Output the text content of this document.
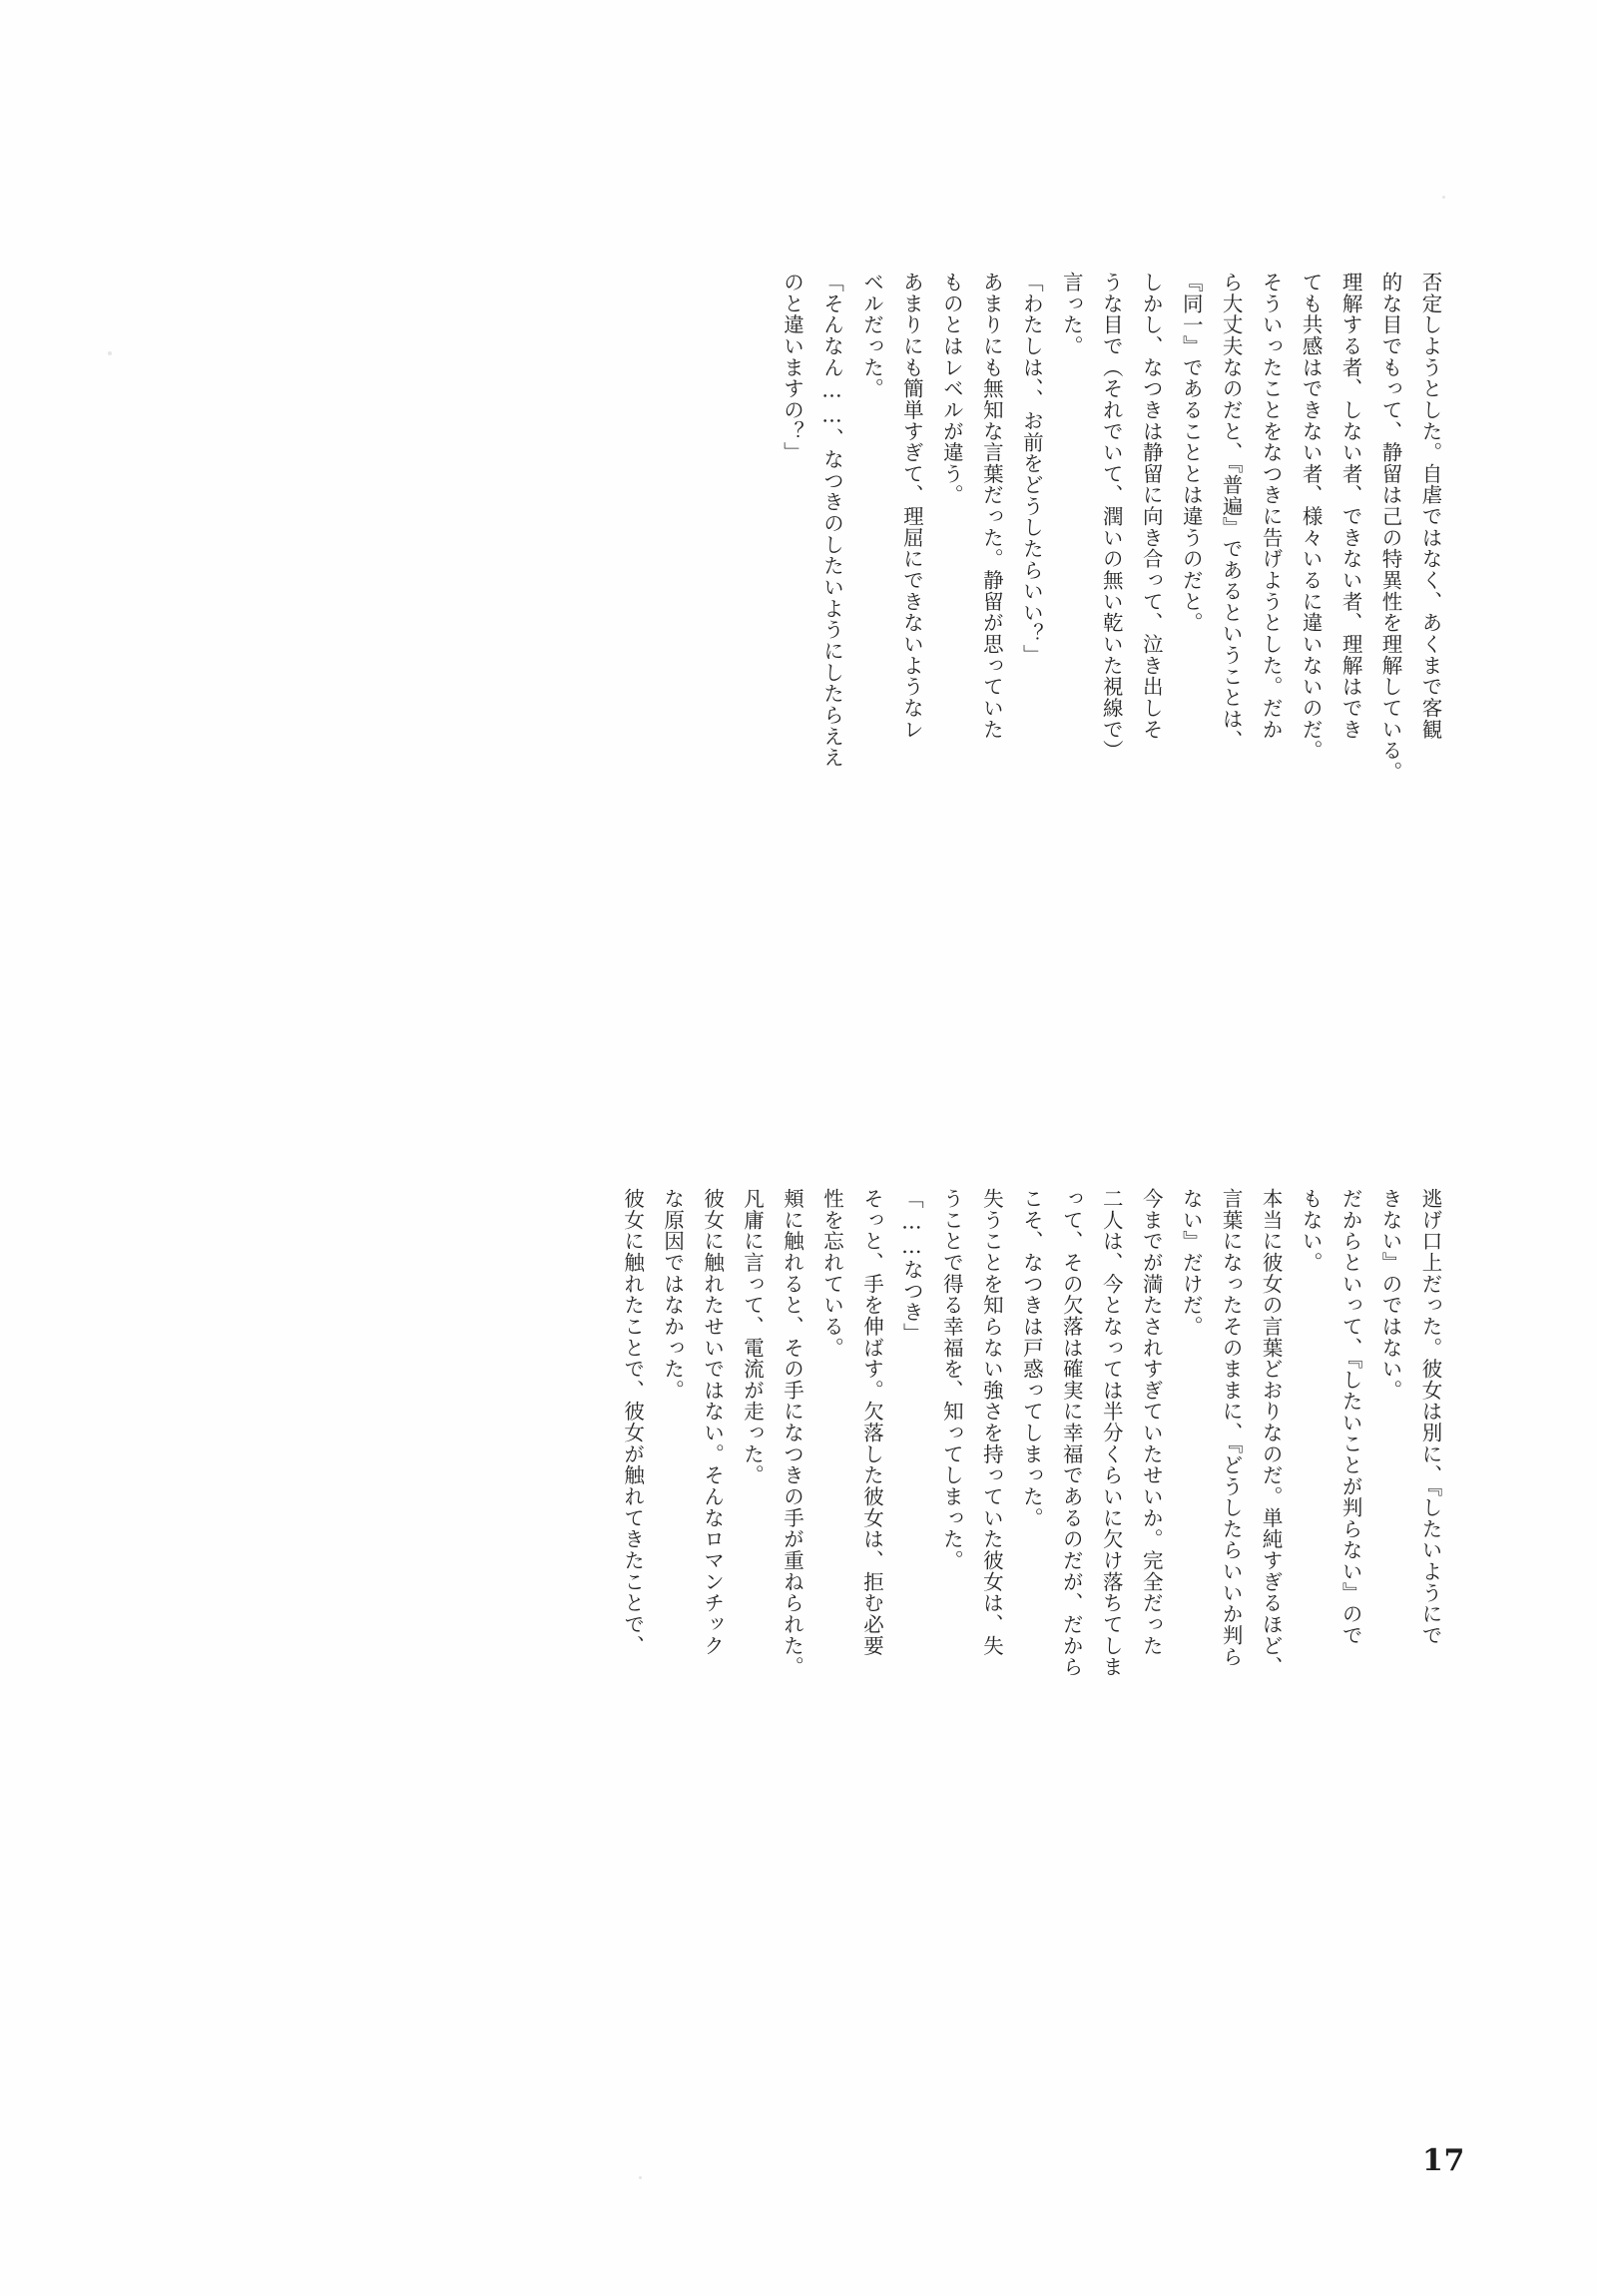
否定しようとした。自虐ではなく、あくまで客観

的な目でもって、静留は己の特異性を理解している。

理解する者、しない者、できない者、理解はでき

ても共感はできない者、様々いるに違いないのだ。

そういったことをなつきに告げようとした。だか

ら大丈夫なのだと、『普遍』であるということは、

『同一』であることとは違うのだと。

しかし、なつきは静留に向き合って、泣き出しそ

うな目で（それでいて、潤いの無い乾いた視線で）

言った。

「わたしは、、お前をどうしたらいい？」

あまりにも無知な言葉だった。静留が思っていた

ものとはレベルが違う。

あまりにも簡単すぎて、理屈にできないようなレ

ベルだった。

「そんなん……、なつきのしたいようにしたらええ

のと違いますの？」

逃げ口上だった。彼女は別に、『したいようにで

きない』のではない。

だからといって、『したいことが判らない』ので

もない。

本当に彼女の言葉どおりなのだ。単純すぎるほど、

言葉になったそのままに、『どうしたらいいか判ら

ない』だけだ。

今までが満たされすぎていたせいか。完全だった

二人は、今となっては半分くらいに欠け落ちてしま

って、その欠落は確実に幸福であるのだが、だから

こそ、なつきは戸惑ってしまった。

失うことを知らない強さを持っていた彼女は、失

うことで得る幸福を、知ってしまった。

「……なつき」

そっと、手を伸ばす。欠落した彼女は、拒む必要

性を忘れている。

頬に触れると、その手になつきの手が重ねられた。

凡庸に言って、電流が走った。

彼女に触れたせいではない。そんなロマンチック

な原因ではなかった。

彼女に触れたことで、彼女が触れてきたことで、

17
